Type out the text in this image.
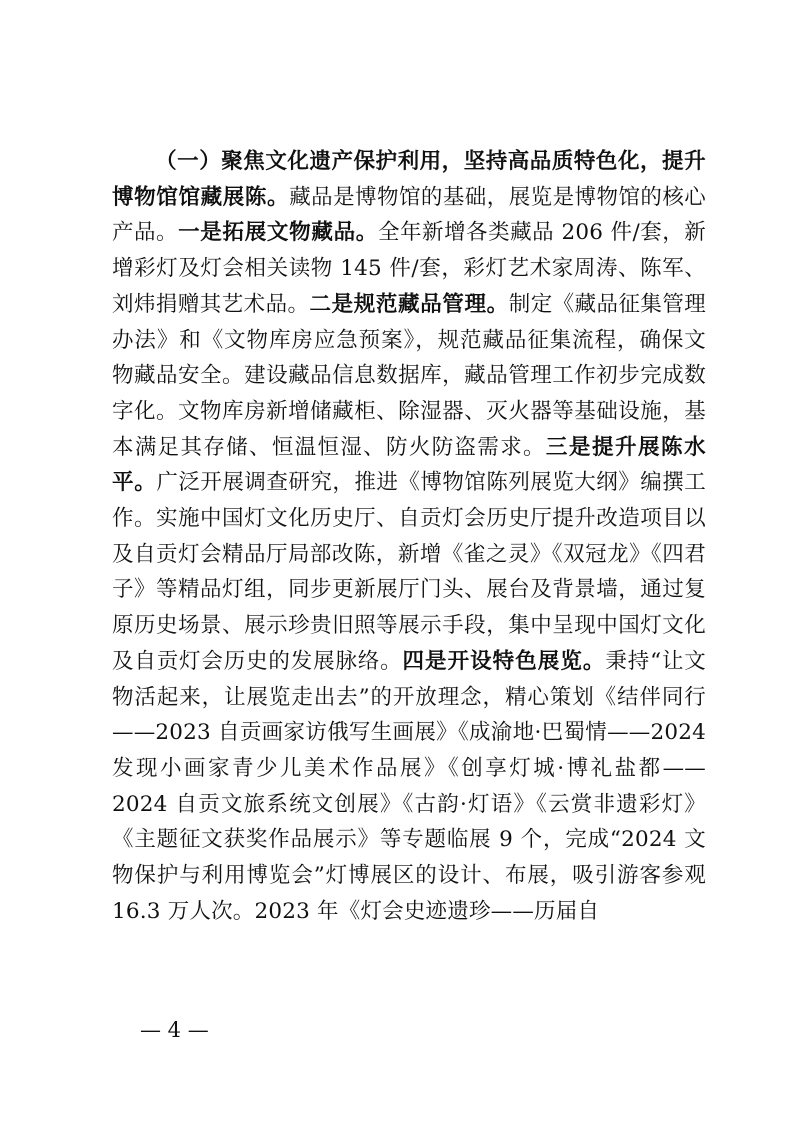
（一）聚焦文化遗产保护利用，坚持高品质特色化，提升博物馆馆藏展陈。藏品是博物馆的基础，展览是博物馆的核心产品。一是拓展文物藏品。全年新增各类藏品 206 件/套，新增彩灯及灯会相关读物 145 件/套，彩灯艺术家周涛、陈军、刘炜捐赠其艺术品。二是规范藏品管理。制定《藏品征集管理办法》和《文物库房应急预案》，规范藏品征集流程，确保文物藏品安全。建设藏品信息数据库，藏品管理工作初步完成数字化。文物库房新增储藏柜、除湿器、灭火器等基础设施，基本满足其存储、恒温恒湿、防火防盗需求。三是提升展陈水平。广泛开展调查研究，推进《博物馆陈列展览大纲》编撰工作。实施中国灯文化历史厅、自贡灯会历史厅提升改造项目以及自贡灯会精品厅局部改陈，新增《雀之灵》《双冠龙》《四君子》等精品灯组，同步更新展厅门头、展台及背景墙，通过复原历史场景、展示珍贵旧照等展示手段，集中呈现中国灯文化及自贡灯会历史的发展脉络。四是开设特色展览。秉持“让文物活起来，让展览走出去”的开放理念，精心策划《结伴同行——2023 自贡画家访俄写生画展》《成渝地·巴蜀情——2024 发现小画家青少儿美术作品展》《创享灯城·博礼盐都——2024 自贡文旅系统文创展》《古韵·灯语》《云赏非遗彩灯》《主题征文获奖作品展示》等专题临展 9 个，完成“2024 文物保护与利用博览会”灯博展区的设计、布展，吸引游客参观 16.3 万人次。2023 年《灯会史迹遗珍——历届自

— 4 —
